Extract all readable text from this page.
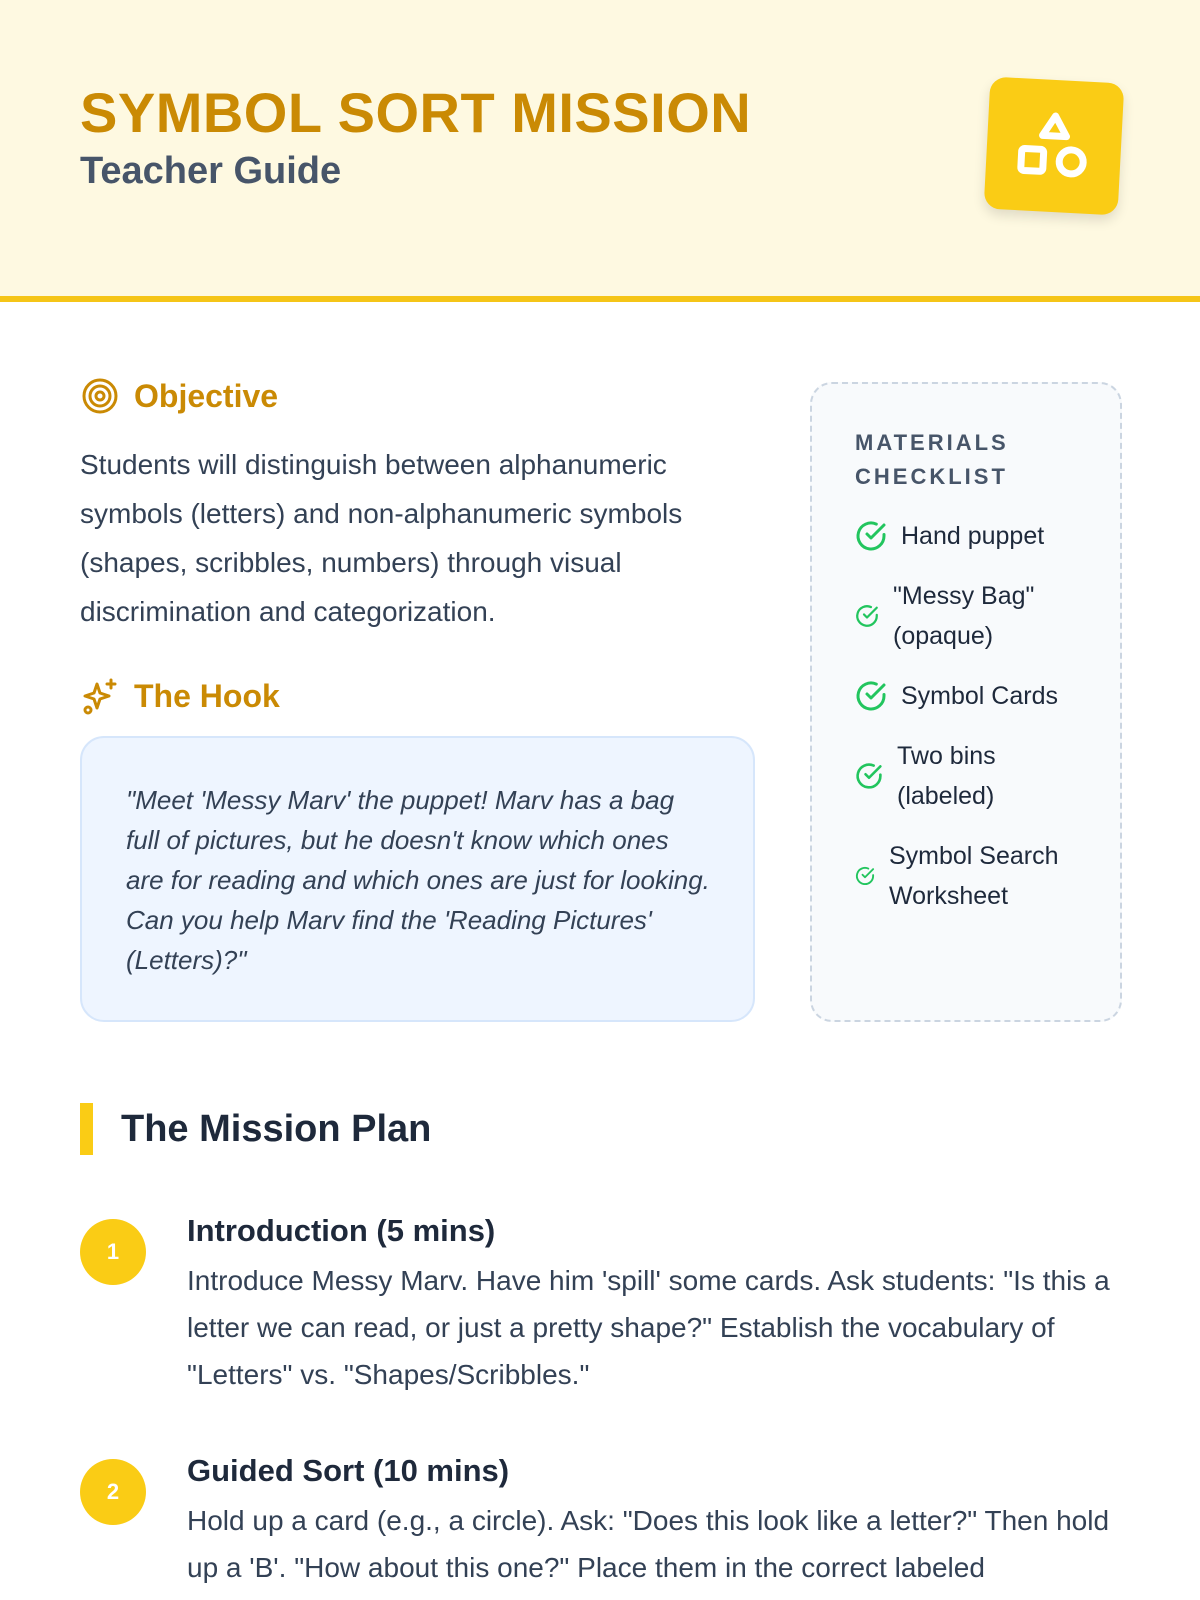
SYMBOL SORT MISSION
Teacher Guide
Objective
Students will distinguish between alphanumeric symbols (letters) and non-alphanumeric symbols (shapes, scribbles, numbers) through visual discrimination and categorization.
The Hook
"Meet 'Messy Marv' the puppet! Marv has a bag full of pictures, but he doesn't know which ones are for reading and which ones are just for looking. Can you help Marv find the 'Reading Pictures' (Letters)?"
MATERIALS CHECKLIST
Hand puppet
"Messy Bag" (opaque)
Symbol Cards
Two bins (labeled)
Symbol Search Worksheet
The Mission Plan
1
Introduction (5 mins)
Introduce Messy Marv. Have him 'spill' some cards. Ask students: "Is this a letter we can read, or just a pretty shape?" Establish the vocabulary of "Letters" vs. "Shapes/Scribbles."
2
Guided Sort (10 mins)
Hold up a card (e.g., a circle). Ask: "Does this look like a letter?" Then hold up a 'B'. "How about this one?" Place them in the correct labeled
